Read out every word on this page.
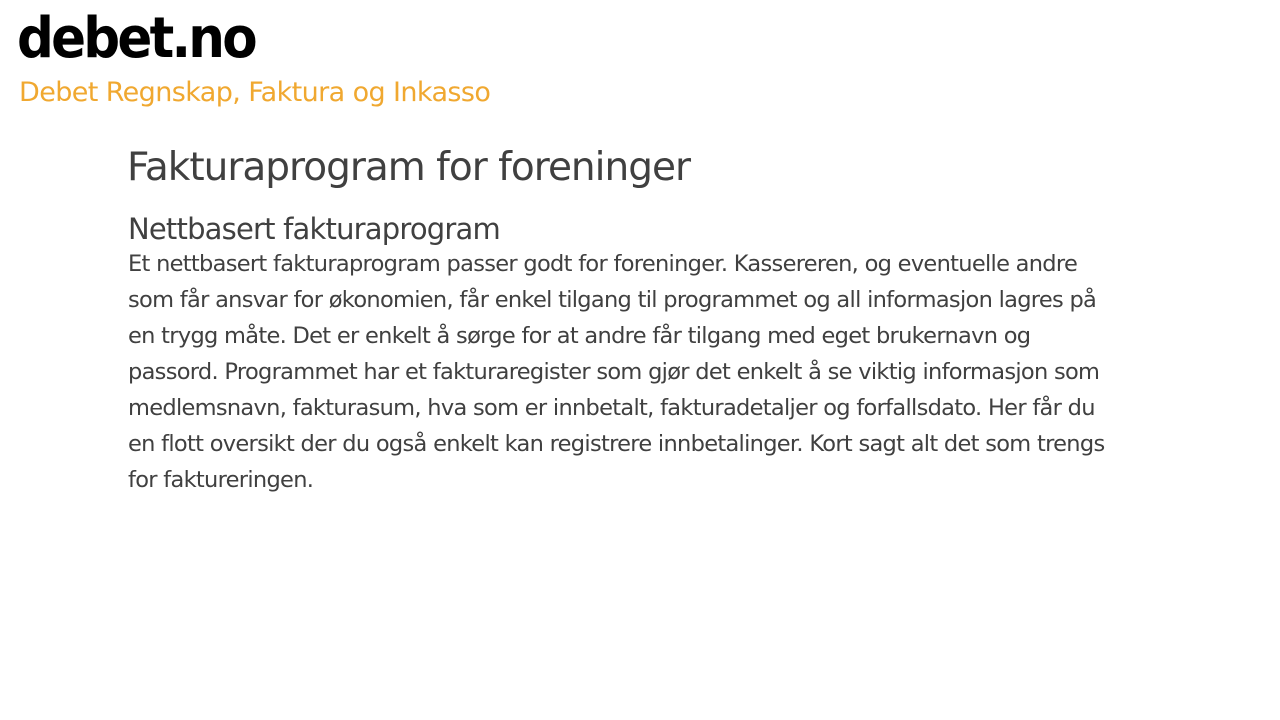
debet.no
Debet Regnskap, Faktura og Inkasso
Fakturaprogram for foreninger
Nettbasert fakturaprogram

Et nettbasert fakturaprogram passer godt for foreninger. Kassereren, og eventuelle andre som får ansvar for økonomien, får enkel tilgang til programmet og all informasjon lagres på en trygg måte. Det er enkelt å sørge for at andre får tilgang med eget brukernavn og passord. Programmet har et fakturaregister som gjør det enkelt å se viktig informasjon som medlemsnavn, fakturasum, hva som er innbetalt, fakturadetaljer og forfallsdato. Her får du en flott oversikt der du også enkelt kan registrere innbetalinger. Kort sagt alt det som trengs for faktureringen.
